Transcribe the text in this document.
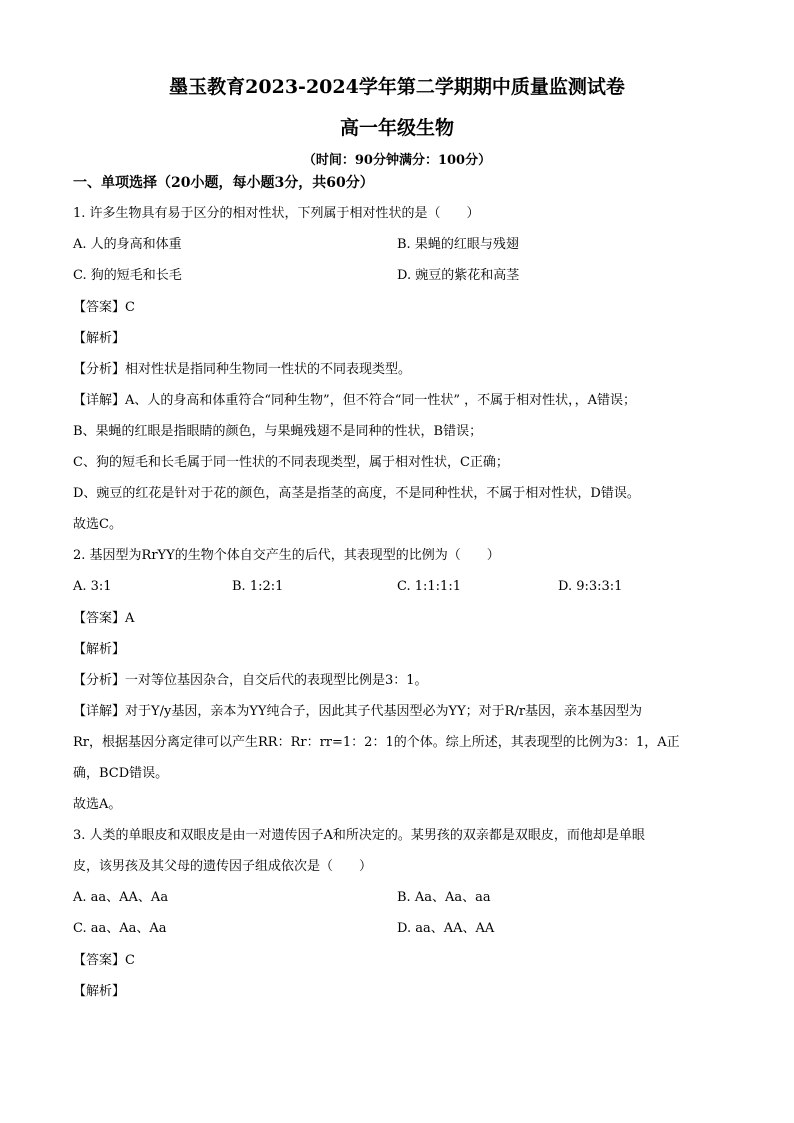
墨玉教育2023-2024学年第二学期期中质量监测试卷
高一年级生物
（时间：90分钟满分：100分）
一、单项选择（20小题，每小题3分，共60分）
1. 许多生物具有易于区分的相对性状，下列属于相对性状的是（　　）
A. 人的身高和体重	B. 果蝇的红眼与残翅
C. 狗的短毛和长毛	D. 豌豆的紫花和高茎
【答案】C
【解析】
【分析】相对性状是指同种生物同一性状的不同表现类型。
【详解】A、人的身高和体重符合“同种生物”，但不符合“同一性状” ，不属于相对性状，，A错误；
B、果蝇的红眼是指眼睛的颜色，与果蝇残翅不是同种的性状，B错误；
C、狗的短毛和长毛属于同一性状的不同表现类型，属于相对性状，C正确；
D、豌豆的红花是针对于花的颜色，高茎是指茎的高度，不是同种性状，不属于相对性状，D错误。
故选C。
2. 基因型为RrYY的生物个体自交产生的后代，其表现型的比例为（　　）
A. 3:1	B. 1:2:1	C. 1:1:1:1	D. 9:3:3:1
【答案】A
【解析】
【分析】一对等位基因杂合，自交后代的表现型比例是3：1。
【详解】对于Y/y基因，亲本为YY纯合子，因此其子代基因型必为YY；对于R/r基因，亲本基因型为
Rr，根据基因分离定律可以产生RR：Rr：rr=1：2：1的个体。综上所述，其表现型的比例为3：1，A正
确，BCD错误。
故选A。
3. 人类的单眼皮和双眼皮是由一对遗传因子A和所决定的。某男孩的双亲都是双眼皮，而他却是单眼
皮，该男孩及其父母的遗传因子组成依次是（　　）
A. aa、AA、Aa	B. Aa、Aa、aa
C. aa、Aa、Aa	D. aa、AA、AA
【答案】C
【解析】
